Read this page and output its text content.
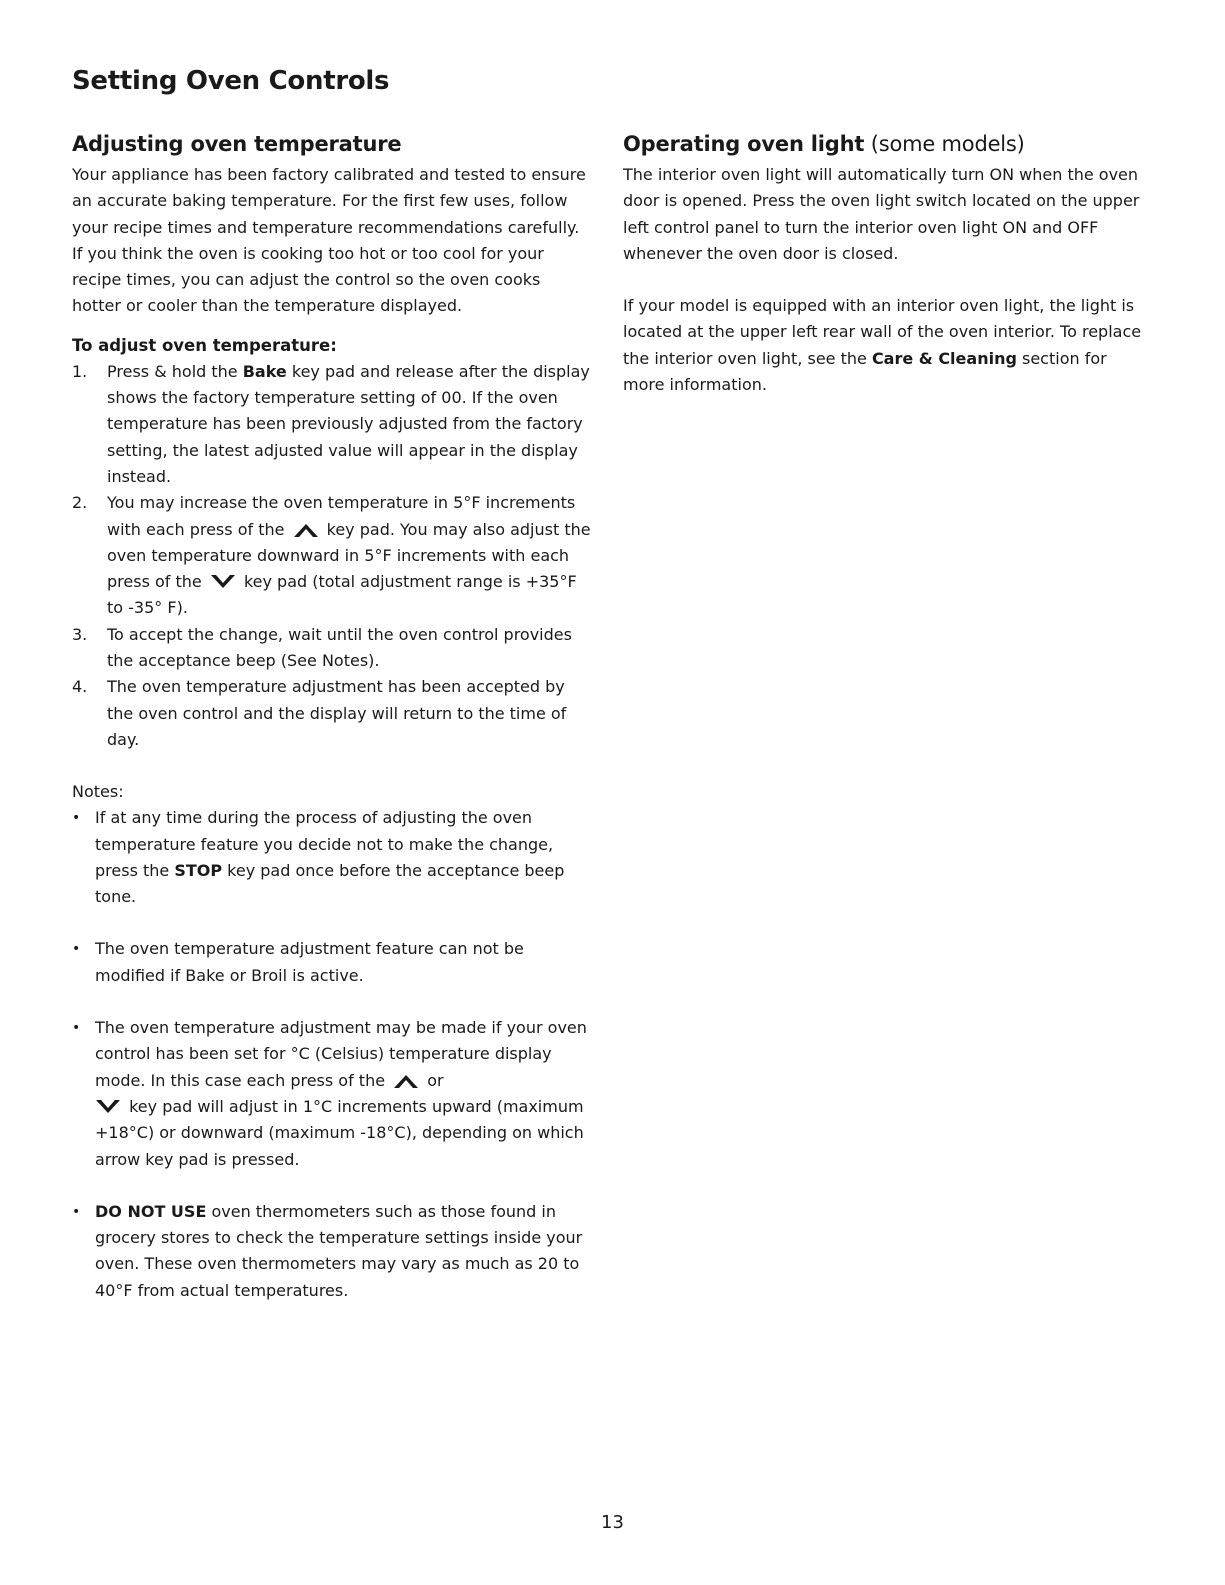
Setting Oven Controls
Adjusting oven temperature

Your appliance has been factory calibrated and tested to ensure an accurate baking temperature. For the first few uses, follow your recipe times and temperature recommendations carefully. If you think the oven is cooking too hot or too cool for your recipe times, you can adjust the control so the oven cooks hotter or cooler than the temperature displayed.

To adjust oven temperature:

1. Press & hold the Bake key pad and release after the display shows the factory temperature setting of 00. If the oven temperature has been previously adjusted from the factory setting, the latest adjusted value will appear in the display instead.
2. You may increase the oven temperature in 5°F increments with each press of the	key pad. You may also adjust the oven temperature downward in 5°F increments with each press of the	key pad (total adjustment range is +35°F to -35° F).
3. To accept the change, wait until the oven control provides the acceptance beep (See Notes).
4. The oven temperature adjustment has been accepted by the oven control and the display will return to the time of day.

Notes:

• If at any time during the process of adjusting the oven temperature feature you decide not to make the change, press the STOP key pad once before the acceptance beep tone.
• The oven temperature adjustment feature can not be modified if Bake or Broil is active.
• The oven temperature adjustment may be made if your oven control has been set for °C (Celsius) temperature display mode. In this case each press of the	or
key pad will adjust in 1°C increments upward (maximum +18°C) or downward (maximum -18°C), depending on which arrow key pad is pressed.
• DO NOT USE oven thermometers such as those found in grocery stores to check the temperature settings inside your oven. These oven thermometers may vary as much as 20 to 40°F from actual temperatures.
Operating oven light (some models)

The interior oven light will automatically turn ON when the oven door is opened. Press the oven light switch located on the upper left control panel to turn the interior oven light ON and OFF whenever the oven door is closed.

If your model is equipped with an interior oven light, the light is located at the upper left rear wall of the oven interior. To replace the interior oven light, see the Care & Cleaning section for more information.

13
